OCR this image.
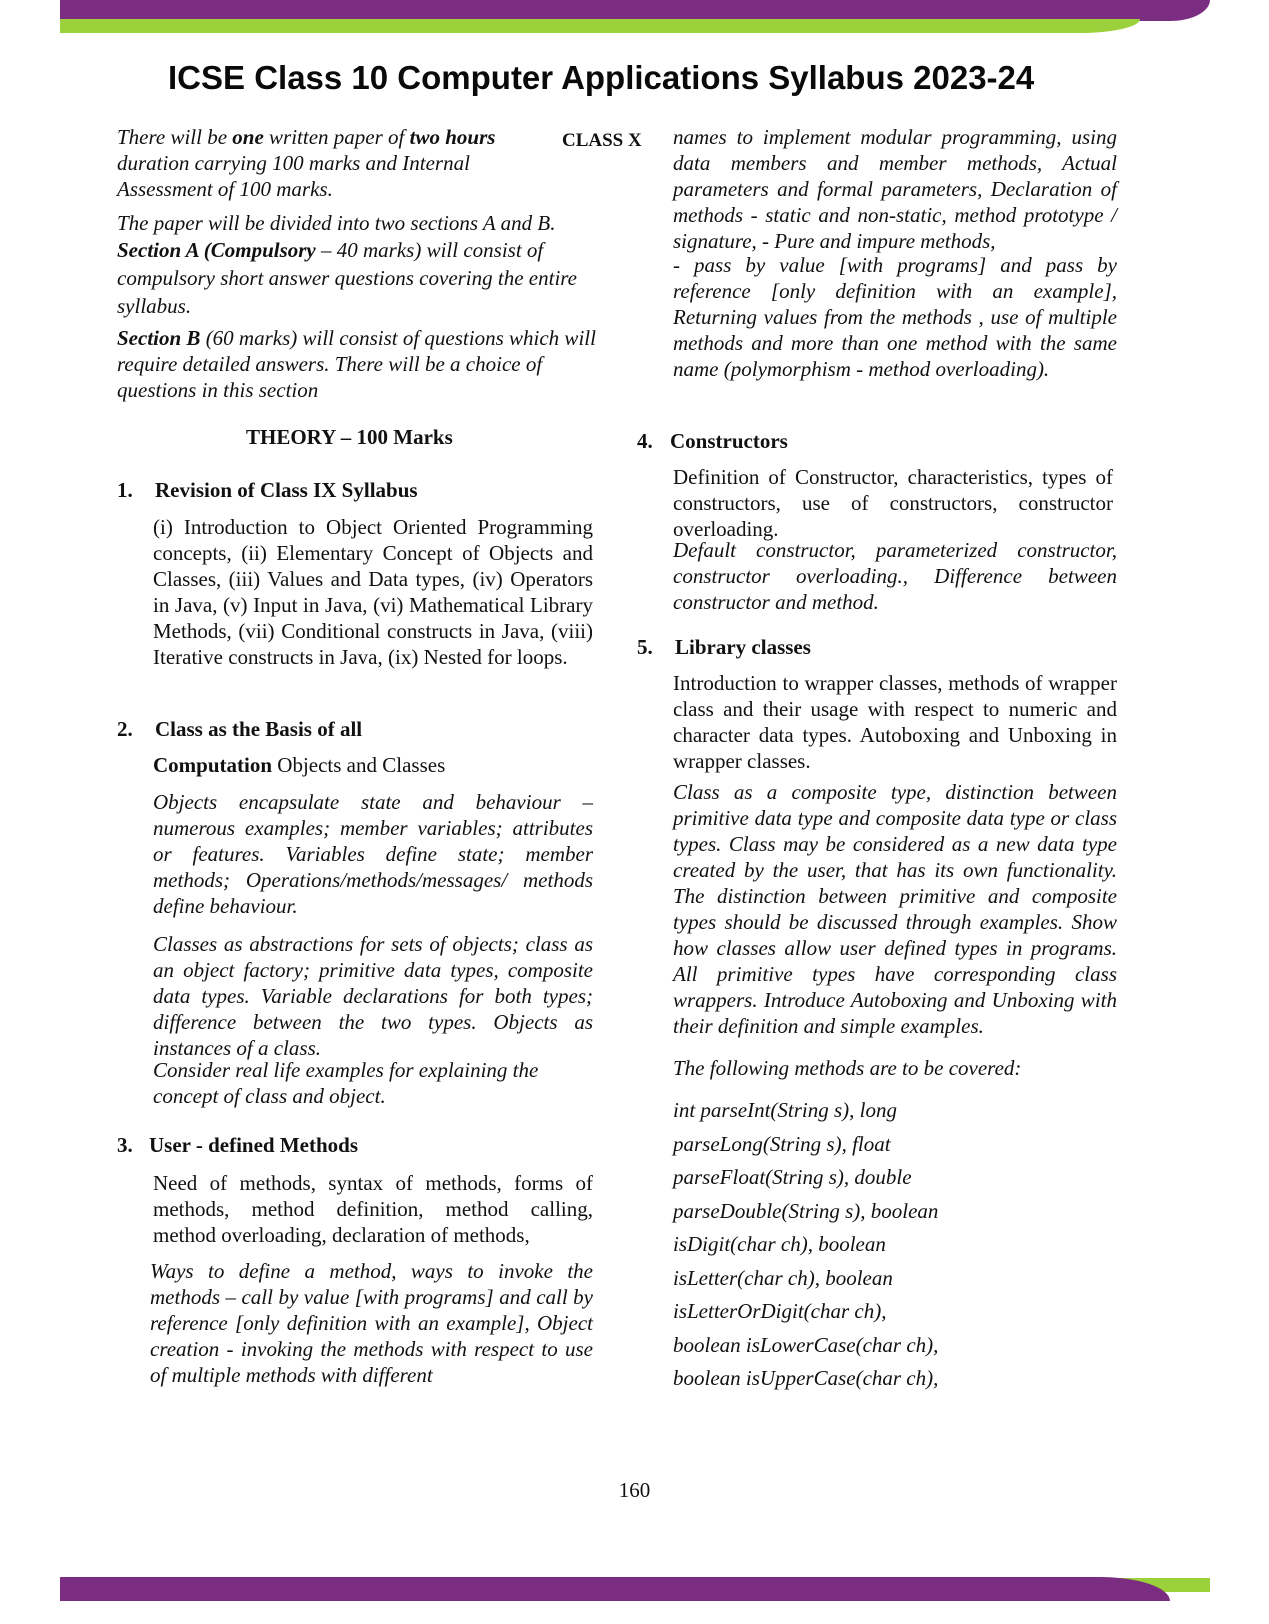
ICSE Class 10 Computer Applications Syllabus 2023-24
CLASS X
There will be one written paper of two hours duration carrying 100 marks and Internal Assessment of 100 marks.

The paper will be divided into two sections A and B.

Section A (Compulsory – 40 marks) will consist of compulsory short answer questions covering the entire syllabus.
Section B (60 marks) will consist of questions which will require detailed answers. There will be a choice of questions in this section
THEORY – 100 Marks
1. Revision of Class IX Syllabus
(i) Introduction to Object Oriented Programming concepts, (ii) Elementary Concept of Objects and Classes, (iii) Values and Data types, (iv) Operators in Java, (v) Input in Java, (vi) Mathematical Library Methods, (vii) Conditional constructs in Java, (viii) Iterative constructs in Java, (ix) Nested for loops.
2. Class as the Basis of all
Computation Objects and Classes
Objects encapsulate state and behaviour – numerous examples; member variables; attributes or features. Variables define state; member methods; Operations/methods/messages/ methods define behaviour.
Classes as abstractions for sets of objects; class as an object factory; primitive data types, composite data types. Variable declarations for both types; difference between the two types. Objects as instances of a class.
Consider real life examples for explaining the concept of class and object.
3. User - defined Methods
Need of methods, syntax of methods, forms of methods, method definition, method calling, method overloading, declaration of methods,
Ways to define a method, ways to invoke the methods – call by value [with programs] and call by reference [only definition with an example], Object creation - invoking the methods with respect to use of multiple methods with different
names to implement modular programming, using data members and member methods, Actual parameters and formal parameters, Declaration of methods - static and non-static, method prototype / signature, - Pure and impure methods,
- pass by value [with programs] and pass by reference [only definition with an example], Returning values from the methods , use of multiple methods and more than one method with the same name (polymorphism - method overloading).
4. Constructors
Definition of Constructor, characteristics, types of constructors, use of constructors, constructor overloading.
Default constructor, parameterized constructor, constructor overloading., Difference between constructor and method.
5. Library classes
Introduction to wrapper classes, methods of wrapper class and their usage with respect to numeric and character data types. Autoboxing and Unboxing in wrapper classes.
Class as a composite type, distinction between primitive data type and composite data type or class types. Class may be considered as a new data type created by the user, that has its own functionality. The distinction between primitive and composite types should be discussed through examples. Show how classes allow user defined types in programs. All primitive types have corresponding class wrappers. Introduce Autoboxing and Unboxing with their definition and simple examples.
The following methods are to be covered:

int parseInt(String s), long

parseLong(String s), float

parseFloat(String s), double

parseDouble(String s), boolean

isDigit(char ch), boolean

isLetter(char ch), boolean

isLetterOrDigit(char ch),

boolean isLowerCase(char ch),

boolean isUpperCase(char ch),

160
